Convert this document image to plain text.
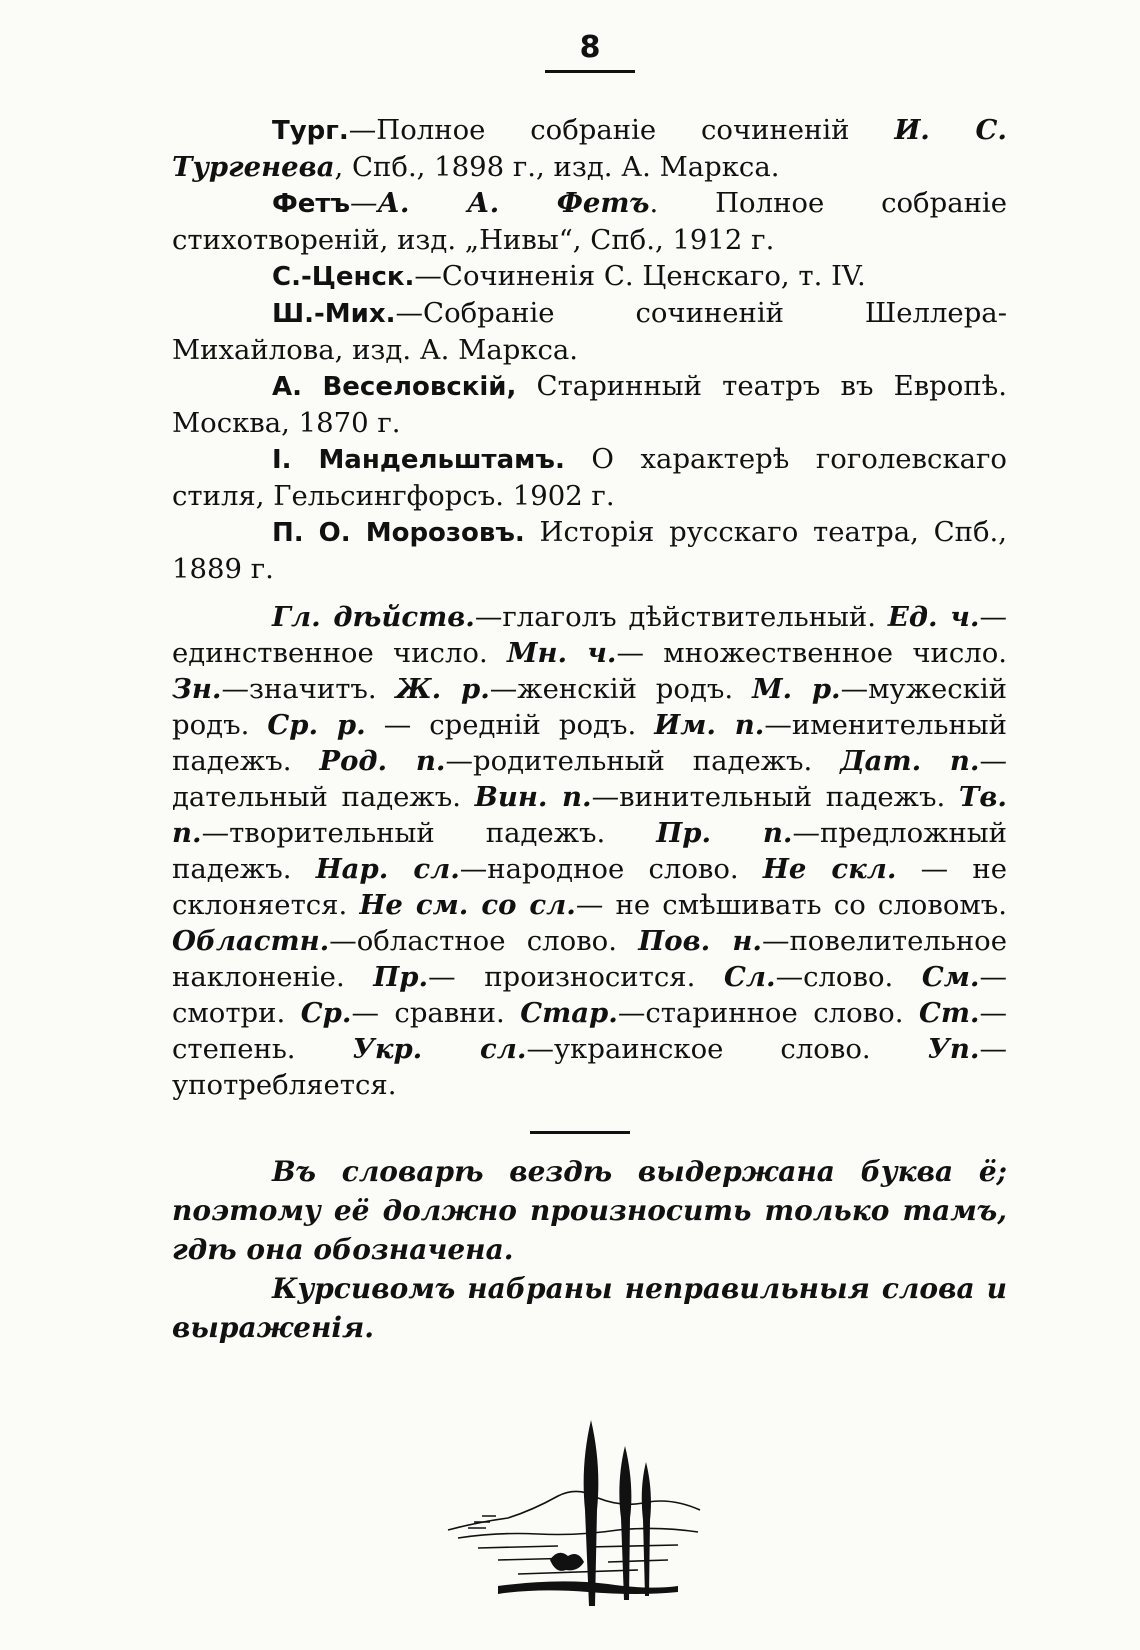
8

Тург.—Полное собраніе сочиненій И. С. Тургенева, Спб., 1898 г., изд. А. Маркса.

Фетъ—А. А. Фетъ. Полное собраніе стихотвореній, изд. „Нивы“, Спб., 1912 г.

С.-Ценск.—Сочиненія С. Ценскаго, т. IV.

Ш.-Мих.—Собраніе сочиненій Шеллера-Михайлова, изд. А. Маркса.

А. Веселовскій, Старинный театръ въ Европѣ. Москва, 1870 г.

І. Мандельштамъ. О характерѣ гоголевскаго стиля, Гельсингфорсъ. 1902 г.

П. О. Морозовъ. Исторія русскаго театра, Спб., 1889 г.

Гл. дѣйств.—глаголъ дѣйствительный. Ед. ч.—единственное число. Мн. ч.— множественное число. Зн.—значитъ. Ж. р.—женскій родъ. М. р.—мужескій родъ. Ср. р. — средній родъ. Им. п.—именительный падежъ. Род. п.—родительный падежъ. Дат. п.—дательный падежъ. Вин. п.—винительный падежъ. Тв. п.—творительный падежъ. Пр. п.—предложный падежъ. Нар. сл.—народное слово. Не скл. — не склоняется. Не см. со сл.— не смѣшивать со словомъ. Областн.—областное слово. Пов. н.—повелительное наклоненіе. Пр.— произносится. Сл.—слово. См.—смотри. Ср.— сравни. Стар.—старинное слово. Ст.—степень. Укр. сл.—украинское слово. Уп.—употребляется.

Въ словарѣ вездѣ выдержана буква ё; поэтому её должно произносить только тамъ, гдѣ она обозначена.

Курсивомъ набраны неправильныя слова и выраженія.
